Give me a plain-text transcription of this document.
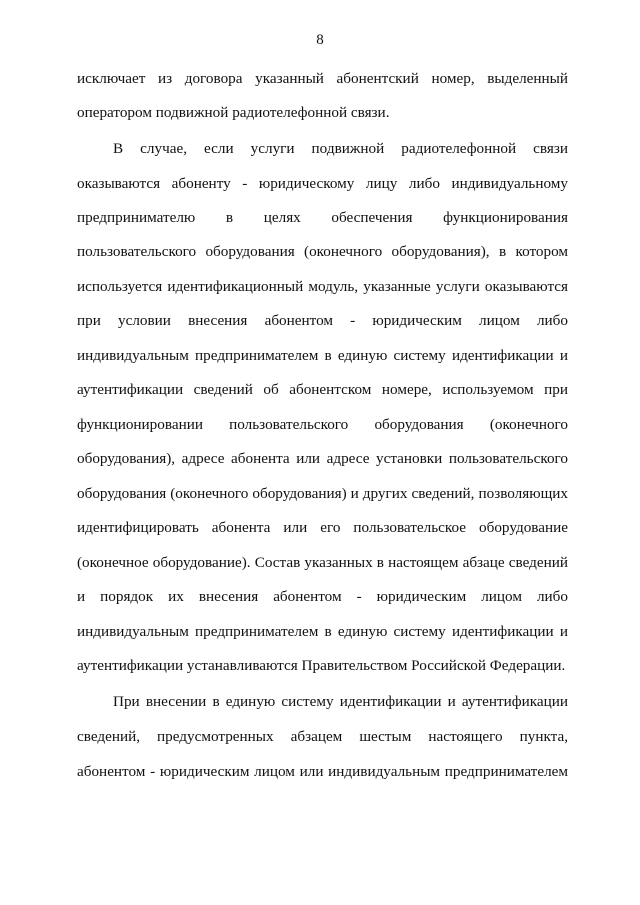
8
исключает из договора указанный абонентский номер, выделенный
оператором подвижной радиотелефонной связи.
В случае, если услуги подвижной радиотелефонной связи
оказываются абоненту - юридическому лицу либо индивидуальному
предпринимателю в целях обеспечения функционирования
пользовательского оборудования (оконечного оборудования), в котором
используется идентификационный модуль, указанные услуги оказываются
при условии внесения абонентом - юридическим лицом либо
индивидуальным предпринимателем в единую систему идентификации и
аутентификации сведений об абонентском номере, используемом при
функционировании пользовательского оборудования (оконечного
оборудования), адресе абонента или адресе установки пользовательского
оборудования (оконечного оборудования) и других сведений, позволяющих
идентифицировать абонента или его пользовательское оборудование
(оконечное оборудование). Состав указанных в настоящем абзаце сведений
и порядок их внесения абонентом - юридическим лицом либо
индивидуальным предпринимателем в единую систему идентификации и
аутентификации устанавливаются Правительством Российской Федерации.
При внесении в единую систему идентификации и аутентификации
сведений, предусмотренных абзацем шестым настоящего пункта,
абонентом - юридическим лицом или индивидуальным предпринимателем
